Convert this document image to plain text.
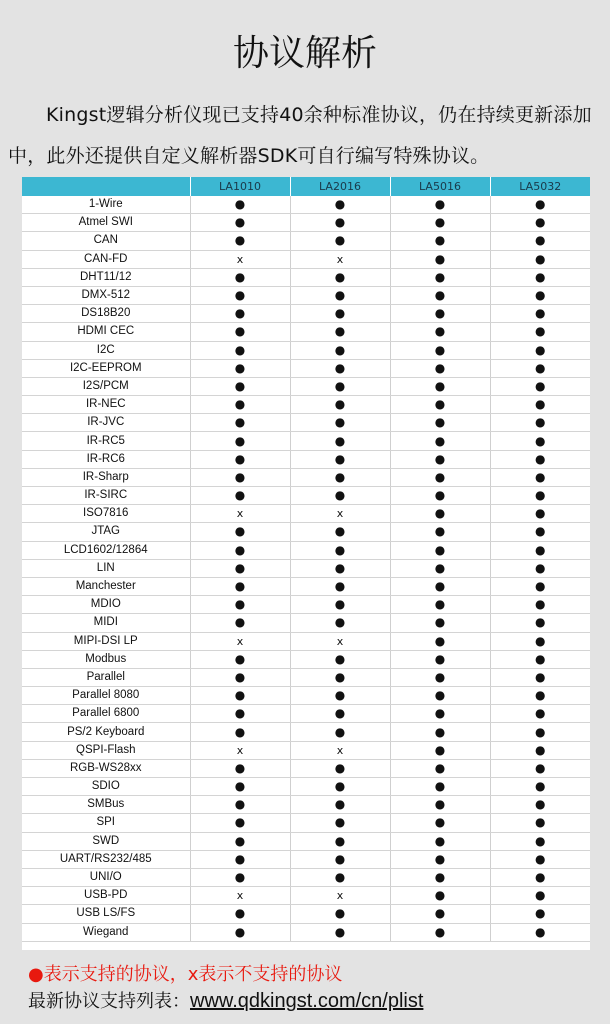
协议解析

Kingst逻辑分析仪现已支持40余种标准协议，仍在持续更新添加中，此外还提供自定义解析器SDK可自行编写特殊协议。

	LA1010	LA2016	LA5016	LA5032
1-Wire	●	●	●	●
Atmel SWI	●	●	●	●
CAN	●	●	●	●
CAN-FD	x	x	●	●
DHT11/12	●	●	●	●
DMX-512	●	●	●	●
DS18B20	●	●	●	●
HDMI CEC	●	●	●	●
I2C	●	●	●	●
I2C-EEPROM	●	●	●	●
I2S/PCM	●	●	●	●
IR-NEC	●	●	●	●
IR-JVC	●	●	●	●
IR-RC5	●	●	●	●
IR-RC6	●	●	●	●
IR-Sharp	●	●	●	●
IR-SIRC	●	●	●	●
ISO7816	x	x	●	●
JTAG	●	●	●	●
LCD1602/12864	●	●	●	●
LIN	●	●	●	●
Manchester	●	●	●	●
MDIO	●	●	●	●
MIDI	●	●	●	●
MIPI-DSI LP	x	x	●	●
Modbus	●	●	●	●
Parallel	●	●	●	●
Parallel 8080	●	●	●	●
Parallel 6800	●	●	●	●
PS/2 Keyboard	●	●	●	●
QSPI-Flash	x	x	●	●
RGB-WS28xx	●	●	●	●
SDIO	●	●	●	●
SMBus	●	●	●	●
SPI	●	●	●	●
SWD	●	●	●	●
UART/RS232/485	●	●	●	●
UNI/O	●	●	●	●
USB-PD	x	x	●	●
USB LS/FS	●	●	●	●
Wiegand	●	●	●	●

●表示支持的协议，x表示不支持的协议

最新协议支持列表：www.qdkingst.com/cn/plist
